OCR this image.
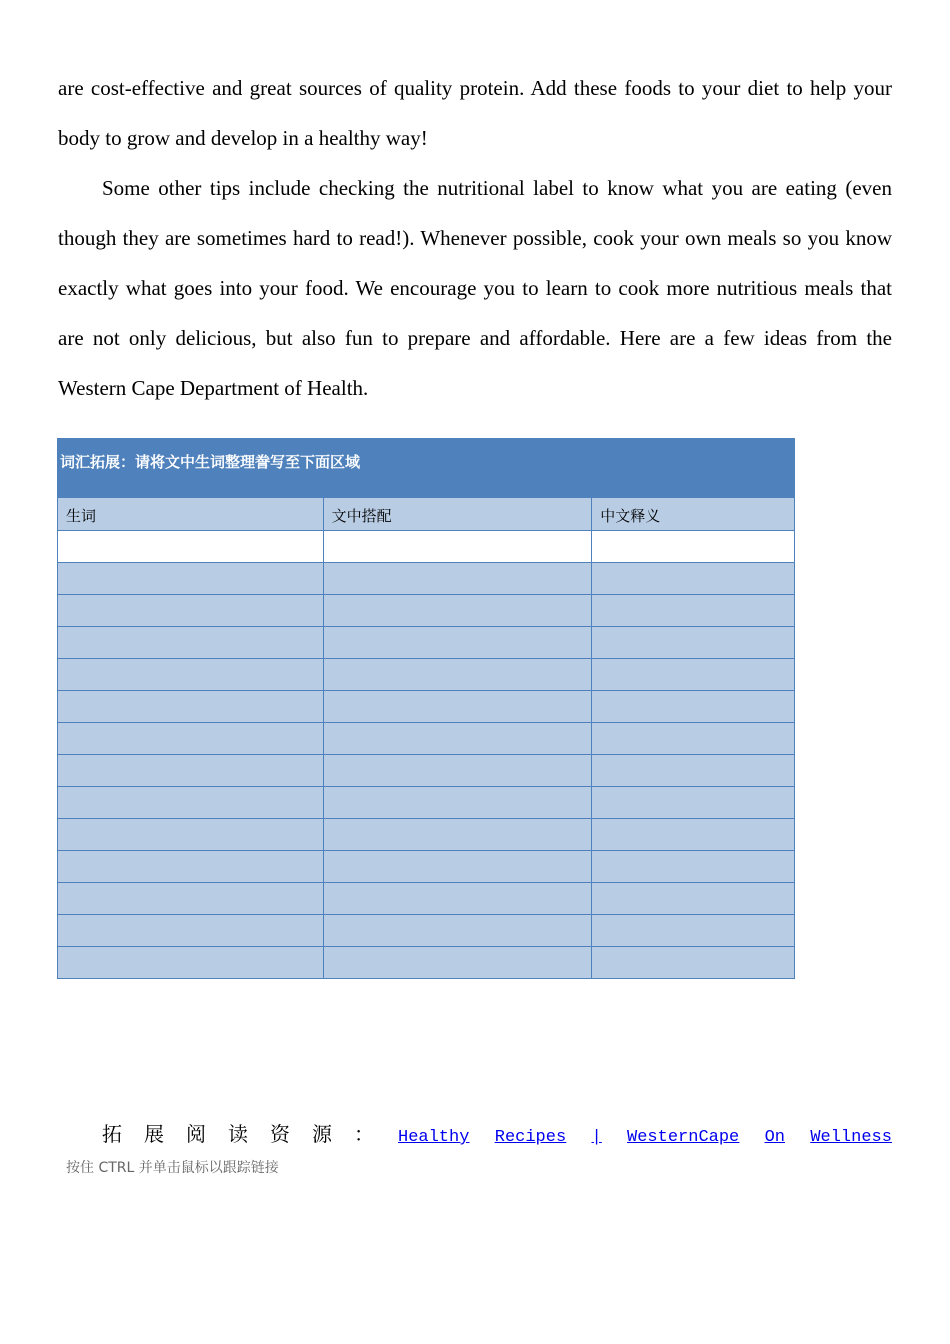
are cost-effective and great sources of quality protein. Add these foods to your diet to help your body to grow and develop in a healthy way!

Some other tips include checking the nutritional label to know what you are eating (even though they are sometimes hard to read!). Whenever possible, cook your own meals so you know exactly what goes into your food. We encourage you to learn to cook more nutritious meals that are not only delicious, but also fun to prepare and affordable. Here are a few ideas from the Western Cape Department of Health.

词汇拓展：请将文中生词整理誊写至下面区域		
生词	文中搭配	中文释义

拓展阅读资源： Healthy Recipes | WesternCape On Wellness
按住 CTRL 并单击鼠标以跟踪链接
